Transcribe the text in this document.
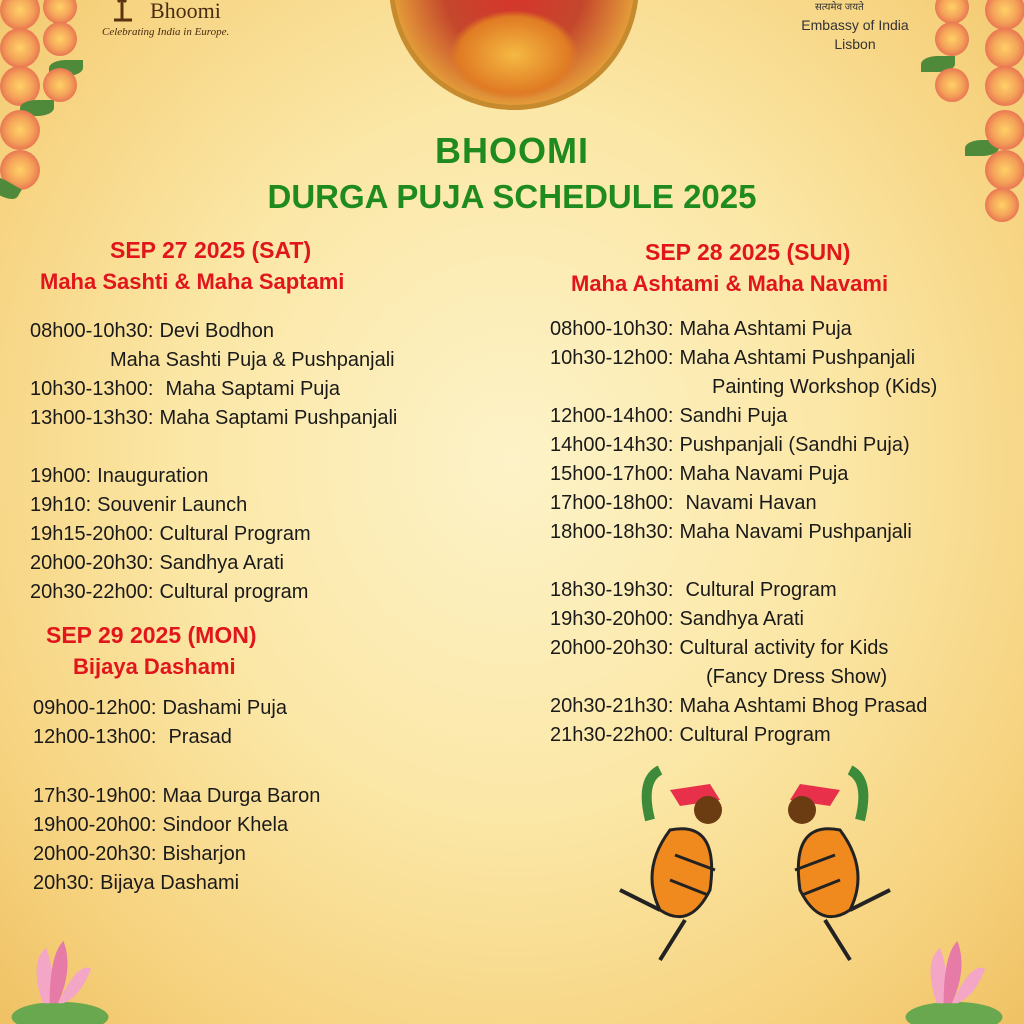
Bhoomi
Celebrating India in Europe.
सत्यमेव जयते
Embassy of India
Lisbon
BHOOMI
DURGA PUJA SCHEDULE 2025
SEP 27 2025 (SAT)
Maha Sashti & Maha Saptami
08h00-10h30: Devi Bodhon
Maha Sashti Puja & Pushpanjali
10h30-13h00: Maha Saptami Puja
13h00-13h30: Maha Saptami Pushpanjali
19h00: Inauguration
19h10: Souvenir Launch
19h15-20h00: Cultural Program
20h00-20h30: Sandhya Arati
20h30-22h00: Cultural program
SEP 29 2025 (MON)
Bijaya Dashami
09h00-12h00: Dashami Puja
12h00-13h00: Prasad
17h30-19h00: Maa Durga Baron
19h00-20h00: Sindoor Khela
20h00-20h30: Bisharjon
20h30: Bijaya Dashami
SEP 28 2025 (SUN)
Maha Ashtami & Maha Navami
08h00-10h30: Maha Ashtami Puja
10h30-12h00: Maha Ashtami Pushpanjali
Painting Workshop (Kids)
12h00-14h00: Sandhi Puja
14h00-14h30: Pushpanjali (Sandhi Puja)
15h00-17h00: Maha Navami Puja
17h00-18h00: Navami Havan
18h00-18h30: Maha Navami Pushpanjali
18h30-19h30: Cultural Program
19h30-20h00: Sandhya Arati
20h00-20h30: Cultural activity for Kids
(Fancy Dress Show)
20h30-21h30: Maha Ashtami Bhog Prasad
21h30-22h00: Cultural Program
